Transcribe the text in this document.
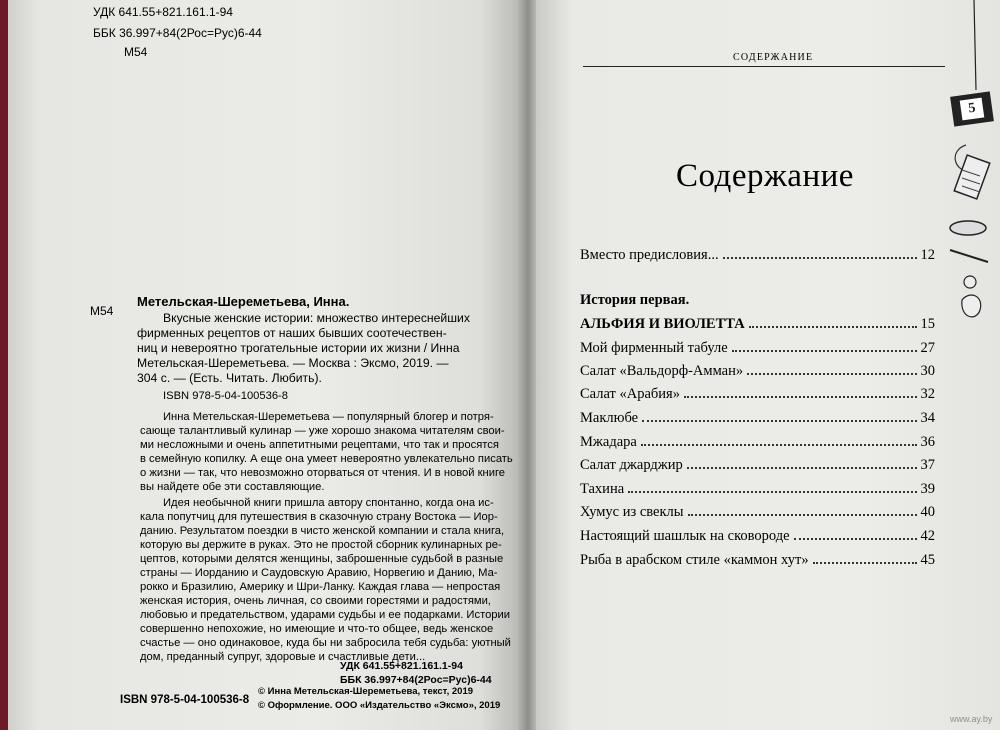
УДК 641.55+821.161.1-94
ББК 36.997+84(2Рос=Рус)6-44
М54
М54
Метельская-Шереметьева, Инна.
Вкусные женские истории: множество интереснейших
фирменных рецептов от наших бывших соотечествен-
ниц и невероятно трогательные истории их жизни / Инна
Метельская-Шереметьева. — Москва : Эксмо, 2019. —
304 с. — (Есть. Читать. Любить).
ISBN 978-5-04-100536-8
Инна Метельская-Шереметьева — популярный блогер и потря-
сающе талантливый кулинар — уже хорошо знакома читателям свои-
ми несложными и очень аппетитными рецептами, что так и просятся
в семейную копилку. А еще она умеет невероятно увлекательно писать
о жизни — так, что невозможно оторваться от чтения. И в новой книге
вы найдете обе эти составляющие.
Идея необычной книги пришла автору спонтанно, когда она ис-
кала попутчиц для путешествия в сказочную страну Востока — Иор-
данию. Результатом поездки в чисто женской компании и стала книга,
которую вы держите в руках. Это не простой сборник кулинарных ре-
цептов, которыми делятся женщины, заброшенные судьбой в разные
страны — Иорданию и Саудовскую Аравию, Норвегию и Данию, Ма-
рокко и Бразилию, Америку и Шри-Ланку. Каждая глава — непростая
женская история, очень личная, со своими горестями и радостями,
любовью и предательством, ударами судьбы и ее подарками. Истории
совершенно непохожие, но имеющие и что-то общее, ведь женское
счастье — оно одинаковое, куда бы ни забросила тебя судьба: уютный
дом, преданный супруг, здоровые и счастливые дети...
УДК 641.55+821.161.1-94
ББК 36.997+84(2Рос=Рус)6-44
ISBN 978-5-04-100536-8
© Инна Метельская-Шереметьева, текст, 2019
© Оформление. ООО «Издательство «Эксмо», 2019
СОДЕРЖАНИЕ
5
Содержание
Вместо предисловия...	12
История первая.
АЛЬФИЯ И ВИОЛЕТТА	15
Мой фирменный табуле	27
Салат «Вальдорф-Амман»	30
Салат «Арабия»	32
Маклюбе	34
Мжадара	36
Салат джарджир	37
Тахина	39
Хумус из свеклы	40
Настоящий шашлык на сковороде	42
Рыба в арабском стиле «каммон хут»	45
www.ay.by
